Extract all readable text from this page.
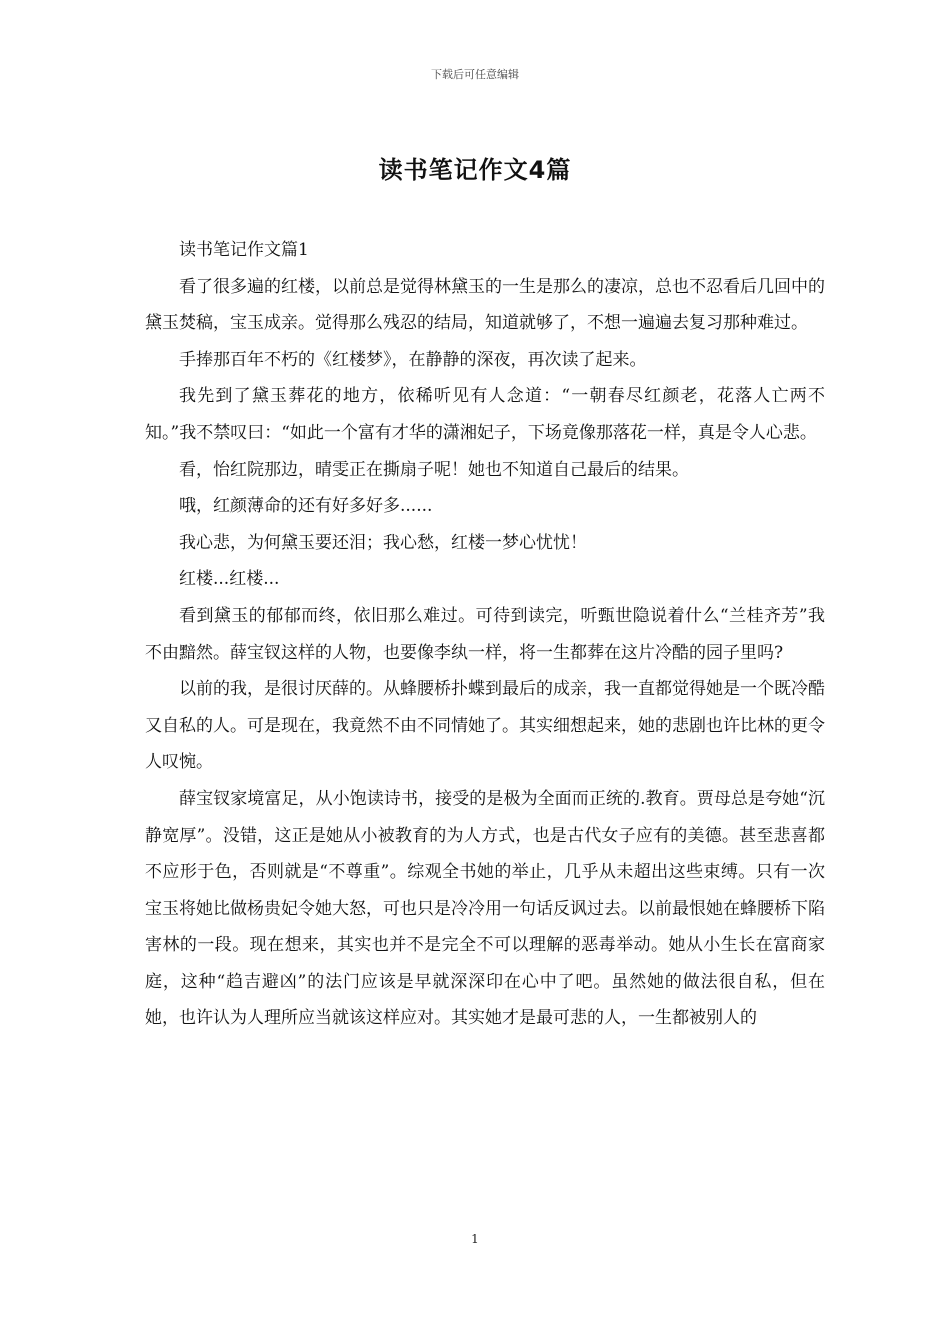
下载后可任意编辑
读书笔记作文4篇

读书笔记作文篇1

看了很多遍的红楼，以前总是觉得林黛玉的一生是那么的凄凉，总也不忍看后几回中的黛玉焚稿，宝玉成亲。觉得那么残忍的结局，知道就够了，不想一遍遍去复习那种难过。

手捧那百年不朽的《红楼梦》，在静静的深夜，再次读了起来。

我先到了黛玉葬花的地方，依稀听见有人念道：“一朝春尽红颜老，花落人亡两不知。”我不禁叹曰：“如此一个富有才华的潇湘妃子，下场竟像那落花一样，真是令人心悲。

看，怡红院那边，晴雯正在撕扇子呢！她也不知道自己最后的结果。

哦，红颜薄命的还有好多好多......

我心悲，为何黛玉要还泪；我心愁，红楼一梦心忧忧！

红楼...红楼...

看到黛玉的郁郁而终，依旧那么难过。可待到读完，听甄世隐说着什么“兰桂齐芳”我不由黯然。薛宝钗这样的人物，也要像李纨一样，将一生都葬在这片冷酷的园子里吗?

以前的我，是很讨厌薛的。从蜂腰桥扑蝶到最后的成亲，我一直都觉得她是一个既冷酷又自私的人。可是现在，我竟然不由不同情她了。其实细想起来，她的悲剧也许比林的更令人叹惋。

薛宝钗家境富足，从小饱读诗书，接受的是极为全面而正统的.教育。贾母总是夸她“沉静宽厚”。没错，这正是她从小被教育的为人方式，也是古代女子应有的美德。甚至悲喜都不应形于色，否则就是“不尊重”。综观全书她的举止，几乎从未超出这些束缚。只有一次宝玉将她比做杨贵妃令她大怒，可也只是冷冷用一句话反讽过去。以前最恨她在蜂腰桥下陷害林的一段。现在想来，其实也并不是完全不可以理解的恶毒举动。她从小生长在富商家庭，这种“趋吉避凶”的法门应该是早就深深印在心中了吧。虽然她的做法很自私，但在她，也许认为人理所应当就该这样应对。其实她才是最可悲的人，一生都被别人的

1
